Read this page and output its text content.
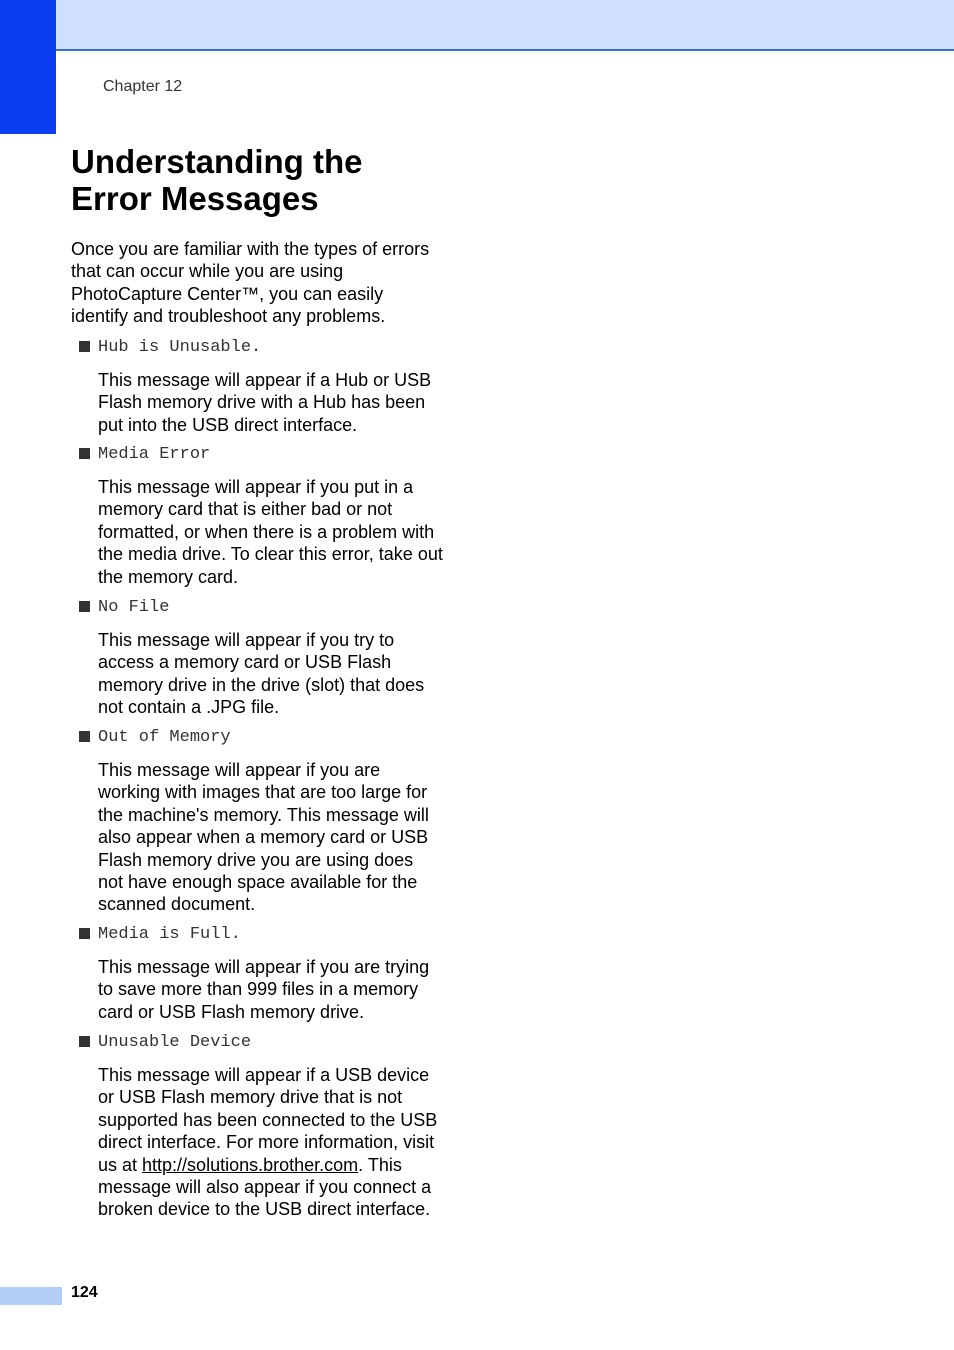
Chapter 12
Understanding the
Error Messages

Once you are familiar with the types of errors that can occur while you are using PhotoCapture Center™, you can easily identify and troubleshoot any problems.

Hub is Unusable.

This message will appear if a Hub or USB Flash memory drive with a Hub has been put into the USB direct interface.

Media Error

This message will appear if you put in a memory card that is either bad or not formatted, or when there is a problem with the media drive. To clear this error, take out the memory card.

No File

This message will appear if you try to access a memory card or USB Flash memory drive in the drive (slot) that does not contain a .JPG file.

Out of Memory

This message will appear if you are working with images that are too large for the machine's memory. This message will also appear when a memory card or USB Flash memory drive you are using does not have enough space available for the scanned document.

Media is Full.

This message will appear if you are trying to save more than 999 files in a memory card or USB Flash memory drive.

Unusable Device

This message will appear if a USB device or USB Flash memory drive that is not supported has been connected to the USB direct interface. For more information, visit us at http://solutions.brother.com. This message will also appear if you connect a broken device to the USB direct interface.

124
